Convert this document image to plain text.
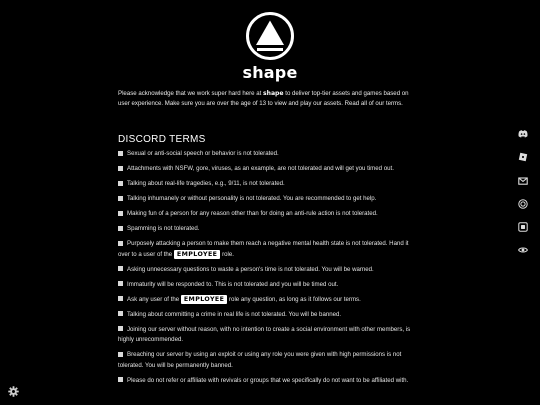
shape

Please acknowledge that we work super hard here at shape to deliver top-tier assets and games based on user experience. Make sure you are over the age of 13 to view and play our assets. Read all of our terms.

DISCORD TERMS
Sexual or anti-social speech or behavior is not tolerated.
Attachments with NSFW, gore, viruses, as an example, are not tolerated and will get you timed out.
Talking about real-life tragedies, e.g., 9/11, is not tolerated.
Talking inhumanely or without personality is not tolerated. You are recommended to get help.
Making fun of a person for any reason other than for doing an anti-rule action is not tolerated.
Spamming is not tolerated.
Purposely attacking a person to make them reach a negative mental health state is not tolerated. Hand it over to a user of the EMPLOYEE role.
Asking unnecessary questions to waste a person's time is not tolerated. You will be warned.
Immaturity will be responded to. This is not tolerated and you will be timed out.
Ask any user of the EMPLOYEE role any question, as long as it follows our terms.
Talking about committing a crime in real life is not tolerated. You will be banned.
Joining our server without reason, with no intention to create a social environment with other members, is highly unrecommended.
Breaching our server by using an exploit or using any role you were given with high permissions is not tolerated. You will be permanently banned.
Please do not refer or affiliate with revivals or groups that we specifically do not want to be affiliated with.
